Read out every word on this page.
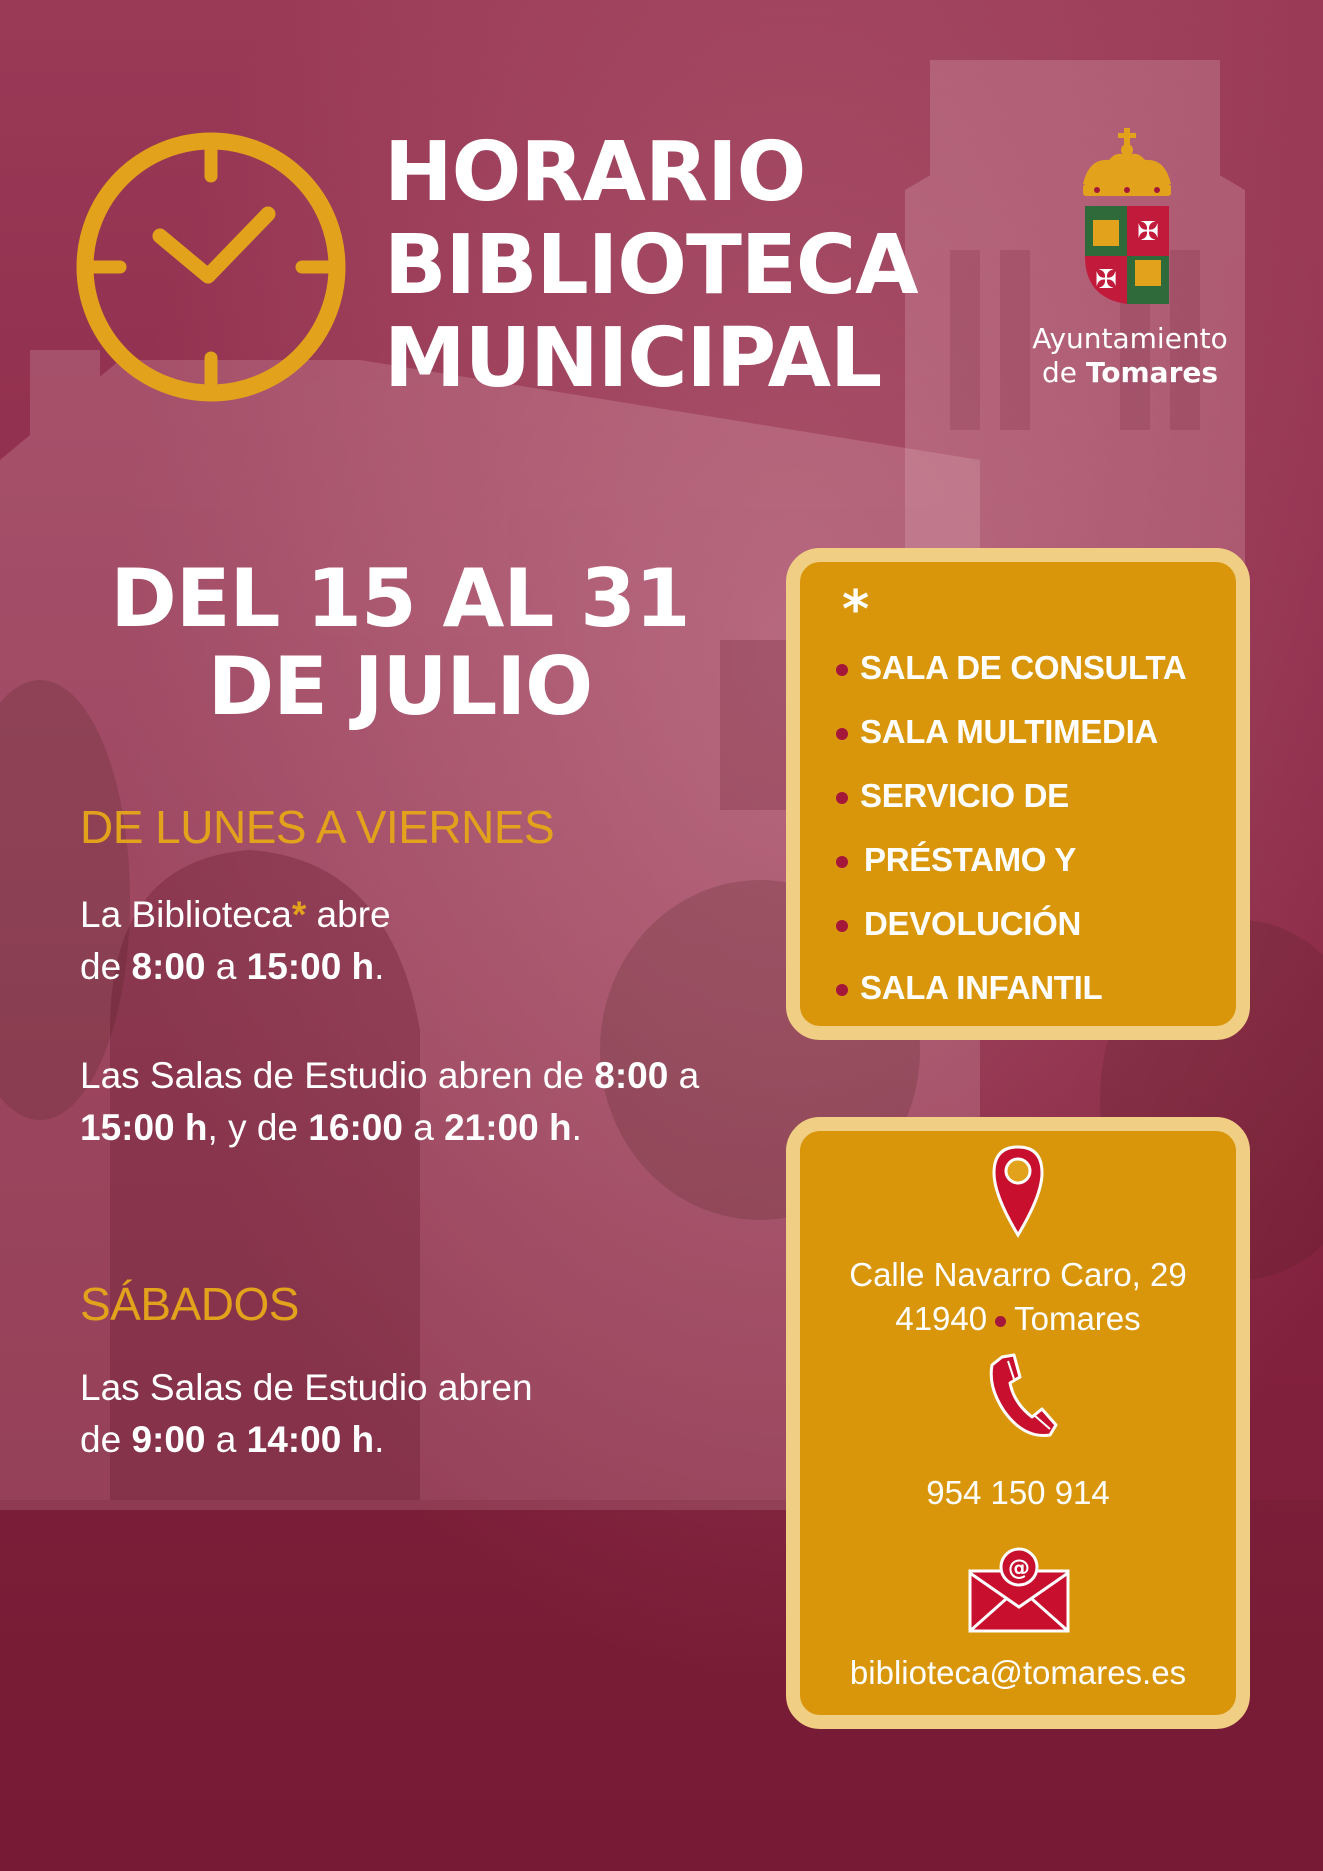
HORARIO
BIBLIOTECA
MUNICIPAL
✠
✠
Ayuntamiento
de Tomares
DEL 15 AL 31
DE JULIO
DE LUNES A VIERNES
La Biblioteca* abre
de 8:00 a 15:00 h.
Las Salas de Estudio abren de 8:00 a
15:00 h, y de 16:00 a 21:00 h.
SÁBADOS
Las Salas de Estudio abren
de 9:00 a 14:00 h.
*
SALA DE CONSULTA
SALA MULTIMEDIA
SERVICIO DE
PRÉSTAMO Y
DEVOLUCIÓN
SALA INFANTIL
Calle Navarro Caro, 29
41940 Tomares
954 150 914
@
biblioteca@tomares.es
